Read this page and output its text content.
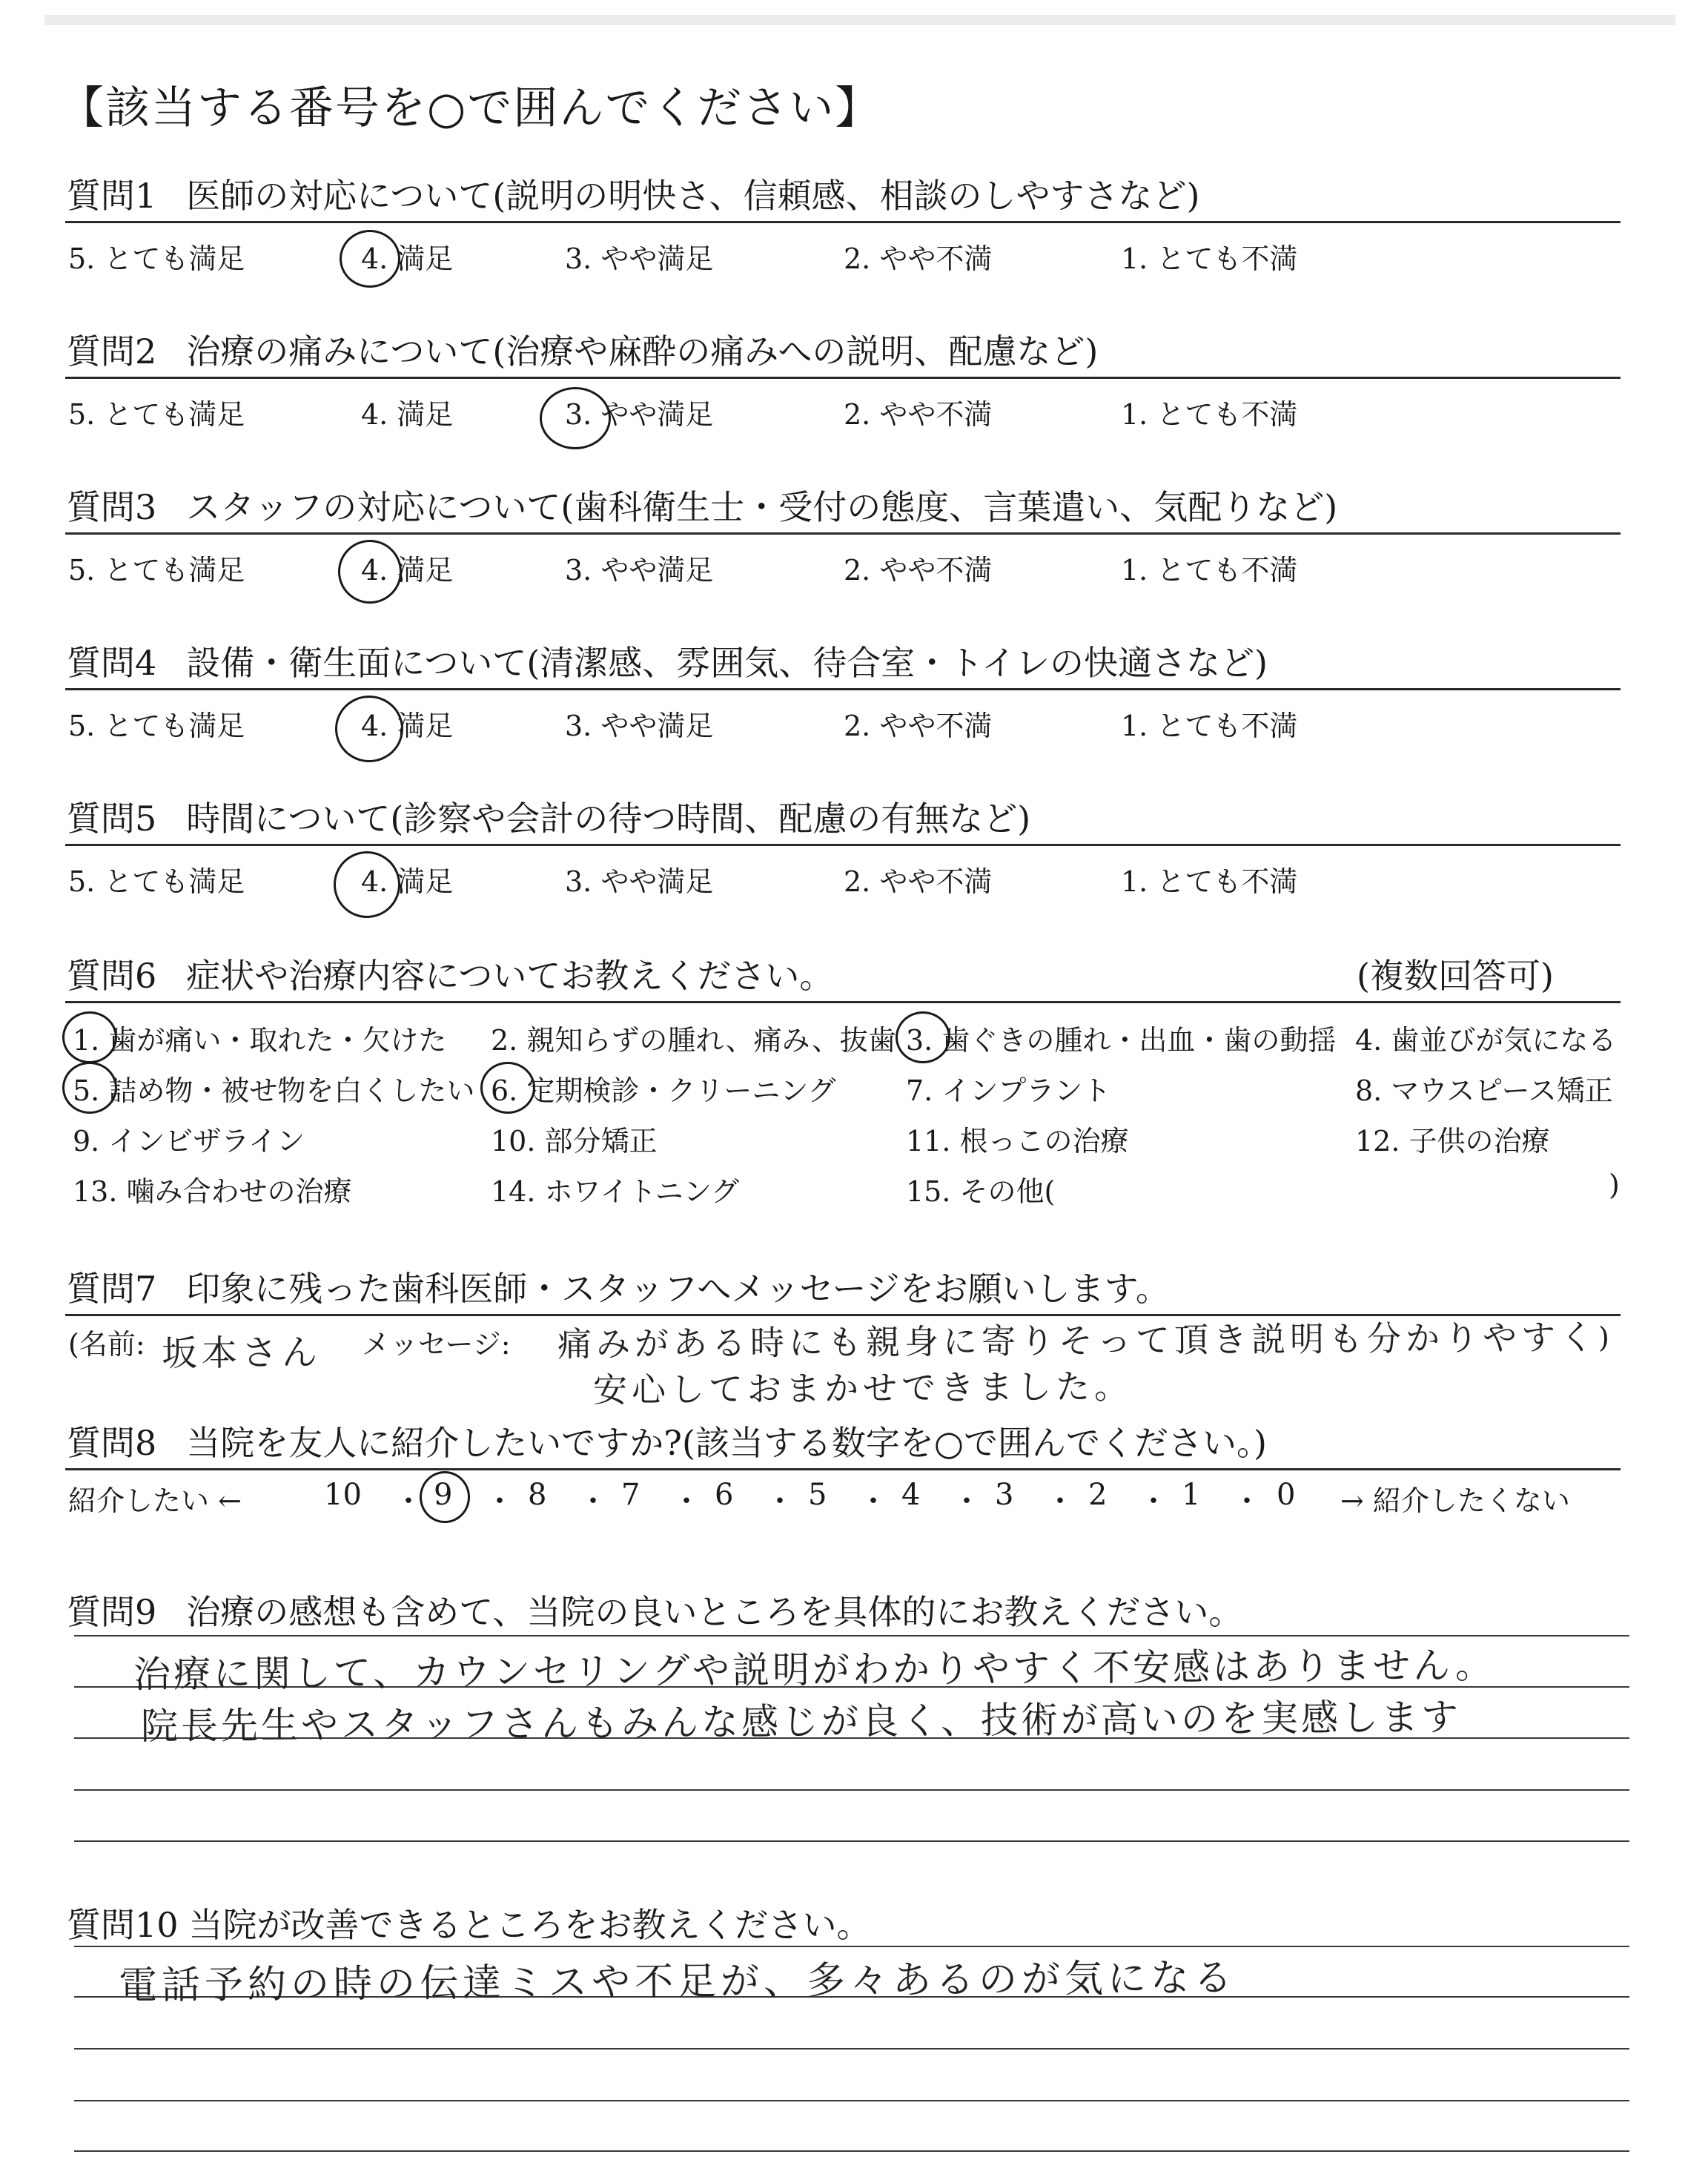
【該当する番号を○で囲んでください】
質問1 医師の対応について(説明の明快さ、信頼感、相談のしやすさなど)
5. とても満足	4. 満足	3. やや満足	2. やや不満	1. とても不満
質問2 治療の痛みについて(治療や麻酔の痛みへの説明、配慮など)
5. とても満足	4. 満足	3. やや満足	2. やや不満	1. とても不満
質問3 スタッフの対応について(歯科衛生士・受付の態度、言葉遣い、気配りなど)
5. とても満足	4. 満足	3. やや満足	2. やや不満	1. とても不満
質問4 設備・衛生面について(清潔感、雰囲気、待合室・トイレの快適さなど)
5. とても満足	4. 満足	3. やや満足	2. やや不満	1. とても不満
質問5 時間について(診察や会計の待つ時間、配慮の有無など)
5. とても満足	4. 満足	3. やや満足	2. やや不満	1. とても不満
質問6 症状や治療内容についてお教えください。	(複数回答可)
1. 歯が痛い・取れた・欠けた 2. 親知らずの腫れ、痛み、抜歯 3. 歯ぐきの腫れ・出血・歯の動揺 4. 歯並びが気になる
5. 詰め物・被せ物を白くしたい 6. 定期検診・クリーニング 7. インプラント	8. マウスピース矯正
9. インビザライン	10. 部分矯正	11. 根っこの治療	12. 子供の治療
13. 噛み合わせの治療	14. ホワイトニング	15. その他(	)
質問7 印象に残った歯科医師・スタッフへメッセージをお願いします。
(名前: 坂本さん メッセージ: 痛みがある時にも親身に寄りそって頂き説明も分かりやすく
安心しておまかせできました。
)
質問8 当院を友人に紹介したいですか?(該当する数字を○で囲んでください。)
紹介したい ←	→ 紹介したくない
10 ・ 9 ・ 8 ・ 7 ・ 6 ・ 5 ・ 4 ・ 3 ・ 2 ・ 1 ・ 0
質問9 治療の感想も含めて、当院の良いところを具体的にお教えください。
治療に関して、カウンセリングや説明がわかりやすく不安感はありません。
院長先生やスタッフさんもみんな感じが良く、技術が高いのを実感します
質問10 当院が改善できるところをお教えください。
電話予約の時の伝達ミスや不足が、多々あるのが気になる
